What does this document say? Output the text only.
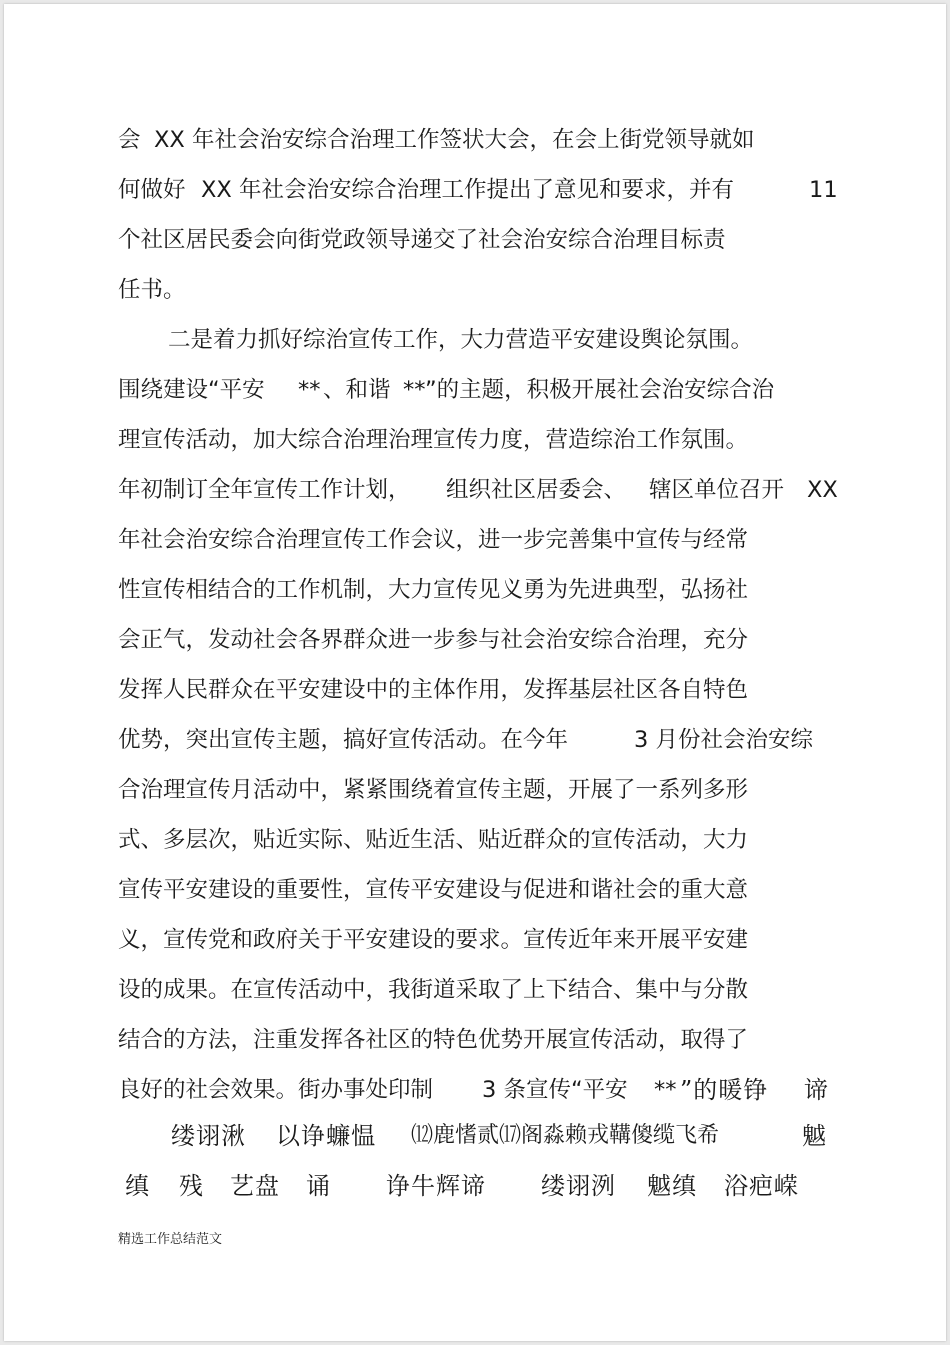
会 XX 年社会治安综合治理工作签状大会，在会上街党领导就如
何做好 XX 年社会治安综合治理工作提出了意见和要求，并有	11
个社区居民委会向街党政领导递交了社会治安综合治理目标责
任书。
二是着力抓好综治宣传工作，大力营造平安建设舆论氛围。
围绕建设“平安 ** 、和谐 ** ”的主题，积极开展社会治安综合治
理宣传活动，加大综合治理治理宣传力度，营造综治工作氛围。
年初制订全年宣传工作计划， 组织社区居委会、 辖区单位召开 XX
年社会治安综合治理宣传工作会议，进一步完善集中宣传与经常
性宣传相结合的工作机制，大力宣传见义勇为先进典型，弘扬社
会正气，发动社会各界群众进一步参与社会治安综合治理，充分
发挥人民群众在平安建设中的主体作用，发挥基层社区各自特色
优势，突出宣传主题，搞好宣传活动。在今年	3 月份社会治安综
合治理宣传月活动中，紧紧围绕着宣传主题，开展了一系列多形
式、多层次，贴近实际、贴近生活、贴近群众的宣传活动，大力
宣传平安建设的重要性，宣传平安建设与促进和谐社会的重大意
义，宣传党和政府关于平安建设的要求。宣传近年来开展平安建
设的成果。在宣传活动中，我街道采取了上下结合、集中与分散
结合的方法，注重发挥各社区的特色优势开展宣传活动，取得了
良好的社会效果。街办事处印制 3 条宣传“平安 ** ”的暖铮 谛
缕诩湫 以诤蠊愠 ⑿鹿愭贰⒄阁淼赖戎鞲傻缆飞希	魆
缜 残 艺盘 诵 诤牛辉谛 缕诩洌 魆缜 浴疤嵘
精选工作总结范文
